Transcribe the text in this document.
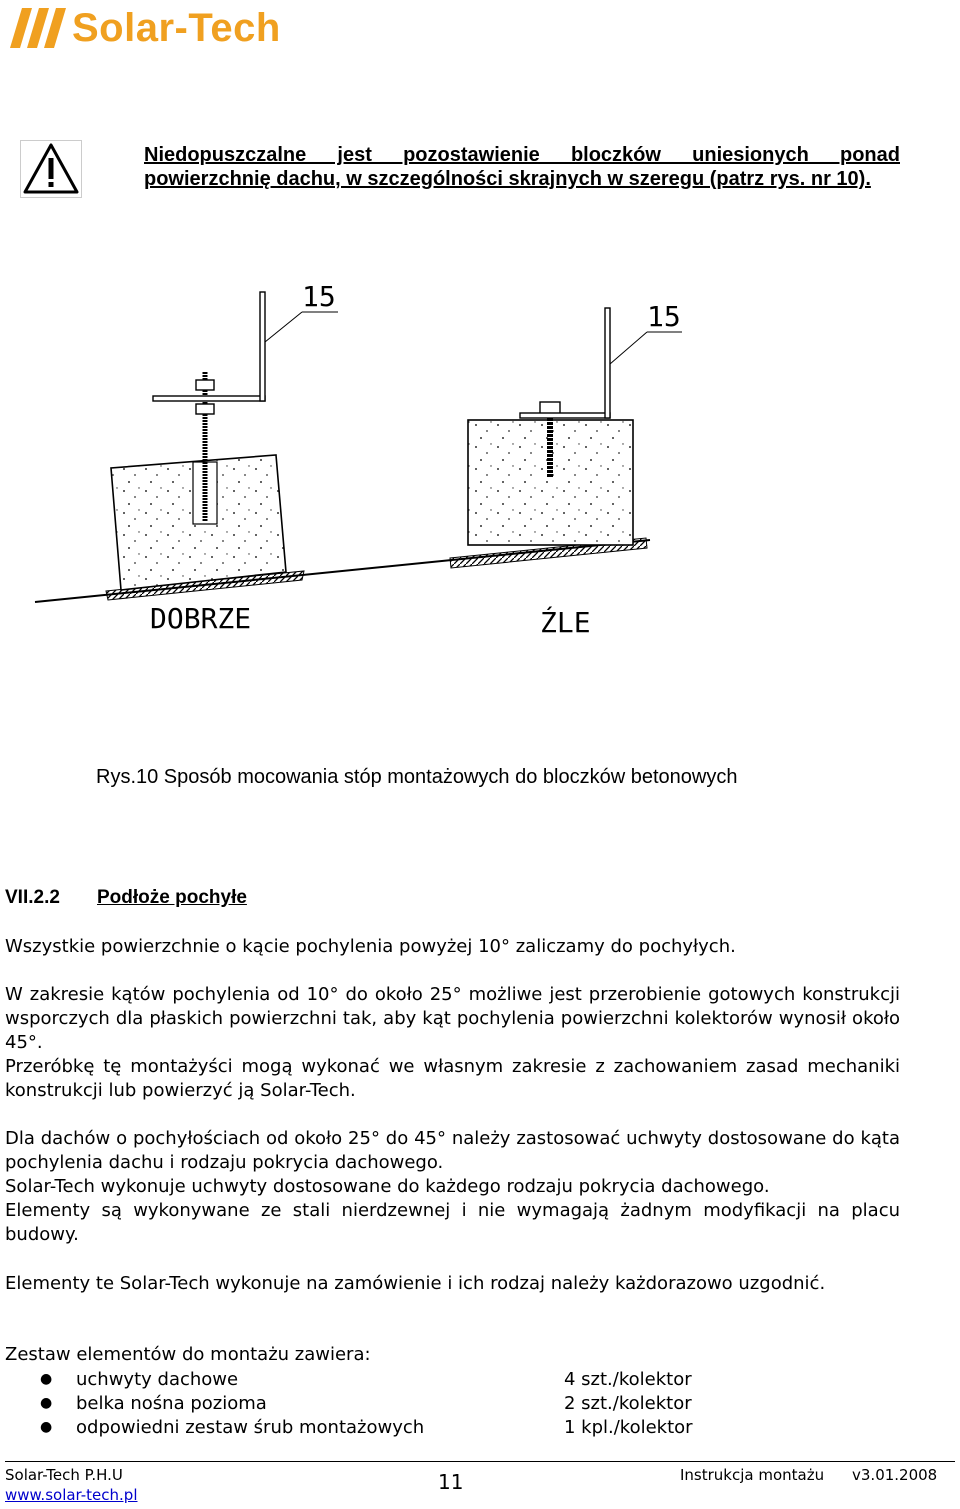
Solar-Tech
Niedopuszczalne jest pozostawienie bloczków uniesionych ponad powierzchnię dachu, w szczególności skrajnych w szeregu (patrz rys. nr 10).
15
DOBRZE
15
ŹLE
Rys.10 Sposób mocowania stóp montażowych do bloczków betonowych
VII.2.2 Podłoże pochyłe

Wszystkie powierzchnie o kącie pochylenia powyżej 10° zaliczamy do pochyłych.

W zakresie kątów pochylenia od 10° do około 25° możliwe jest przerobienie gotowych konstrukcji wsporczych dla płaskich powierzchni tak, aby kąt pochylenia powierzchni kolektorów wynosił około 45°.

Przeróbkę tę montażyści mogą wykonać we własnym zakresie z zachowaniem zasad mechaniki konstrukcji lub powierzyć ją Solar-Tech.

Dla dachów o pochyłościach od około 25° do 45° należy zastosować uchwyty dostosowane do kąta pochylenia dachu i rodzaju pokrycia dachowego.

Solar-Tech wykonuje uchwyty dostosowane do każdego rodzaju pokrycia dachowego.

Elementy są wykonywane ze stali nierdzewnej i nie wymagają żadnym modyfikacji na placu budowy.

Elementy te Solar-Tech wykonuje na zamówienie i ich rodzaj należy każdorazowo uzgodnić.

Zestaw elementów do montażu zawiera:
●	uchwyty dachowe	4 szt./kolektor
●	belka nośna pozioma	2 szt./kolektor
●	odpowiedni zestaw śrub montażowych	1 kpl./kolektor
Solar-Tech P.H.U
www.solar-tech.pl
11	Instrukcja montażu v3.01.2008
